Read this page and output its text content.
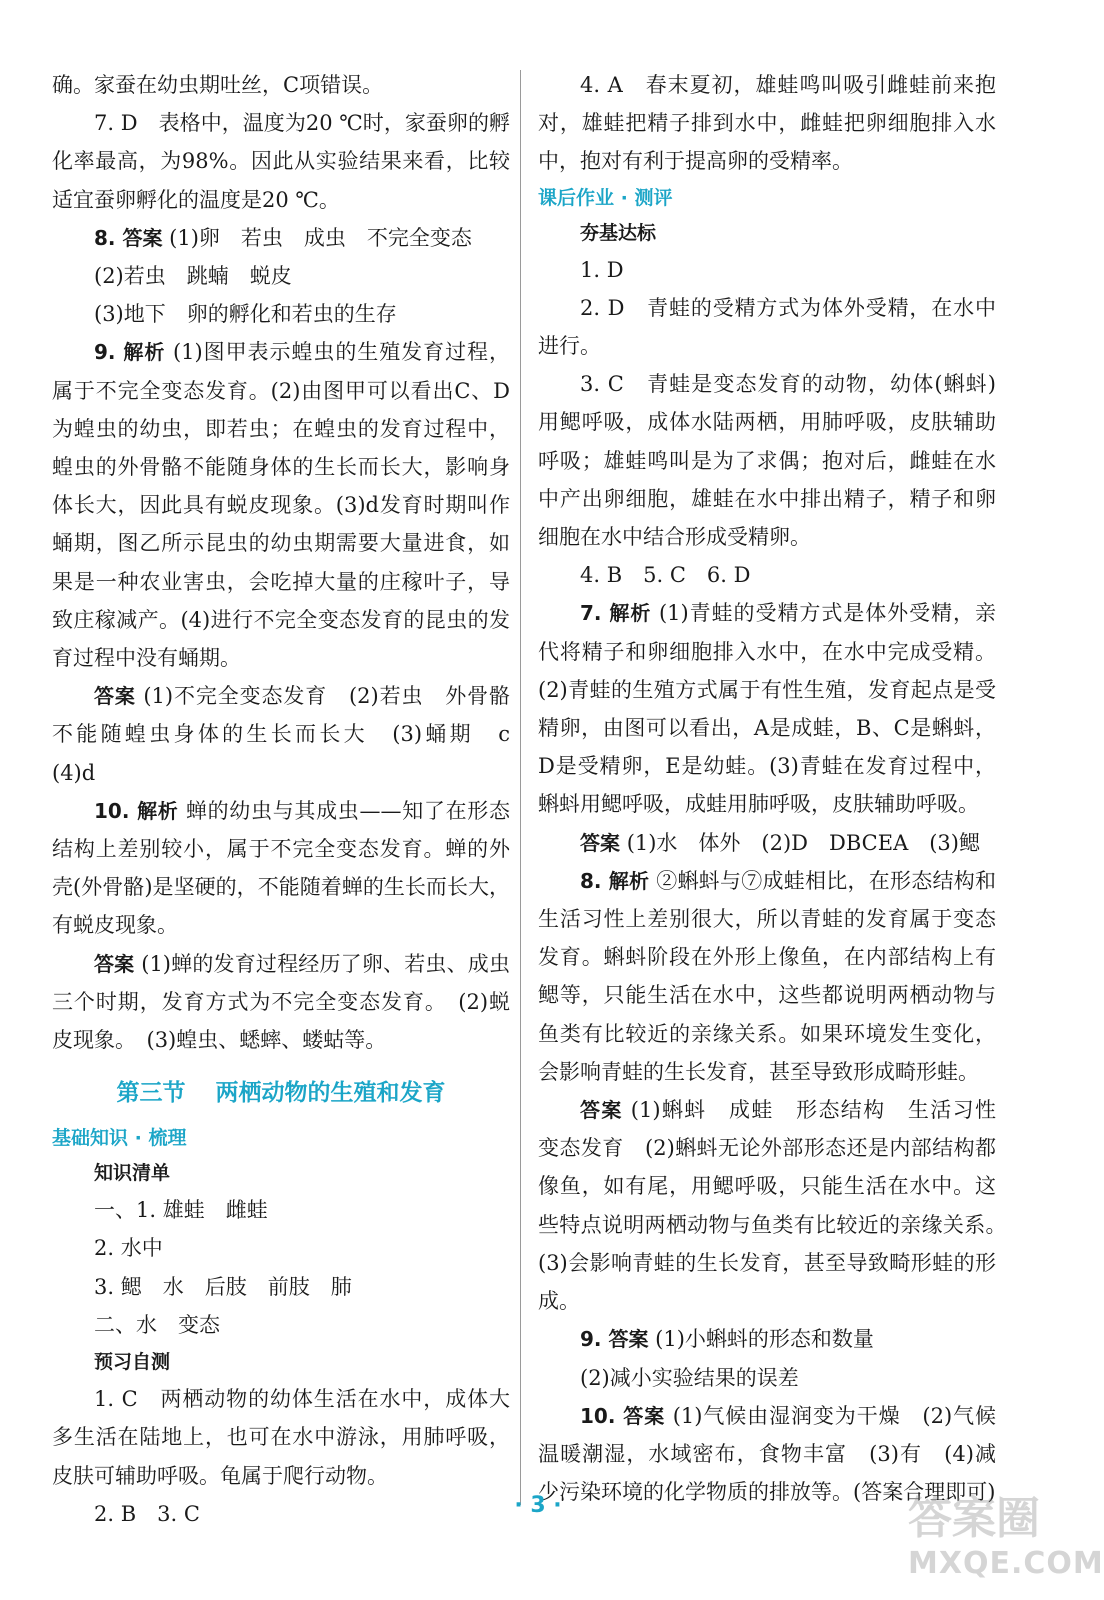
确。家蚕在幼虫期吐丝，C项错误。

7. D　表格中，温度为20 ℃时，家蚕卵的孵化率最高，为98%。因此从实验结果来看，比较适宜蚕卵孵化的温度是20 ℃。

8. 答案 (1)卵　若虫　成虫　不完全变态

(2)若虫　跳蝻　蜕皮

(3)地下　卵的孵化和若虫的生存

9. 解析 (1)图甲表示蝗虫的生殖发育过程，属于不完全变态发育。(2)由图甲可以看出C、D为蝗虫的幼虫，即若虫；在蝗虫的发育过程中，蝗虫的外骨骼不能随身体的生长而长大，影响身体长大，因此具有蜕皮现象。(3)d发育时期叫作蛹期，图乙所示昆虫的幼虫期需要大量进食，如果是一种农业害虫，会吃掉大量的庄稼叶子，导致庄稼减产。(4)进行不完全变态发育的昆虫的发育过程中没有蛹期。

答案 (1)不完全变态发育　(2)若虫　外骨骼不能随蝗虫身体的生长而长大　(3)蛹期　c　(4)d

10. 解析 蝉的幼虫与其成虫——知了在形态结构上差别较小，属于不完全变态发育。蝉的外壳(外骨骼)是坚硬的，不能随着蝉的生长而长大，有蜕皮现象。

答案 (1)蝉的发育过程经历了卵、若虫、成虫三个时期，发育方式为不完全变态发育。　(2)蜕皮现象。　(3)蝗虫、蟋蟀、蝼蛄等。

第三节 两栖动物的生殖和发育

基础知识 · 梳理

知识清单

一、1. 雄蛙　雌蛙

2. 水中

3. 鳃　水　后肢　前肢　肺

二、水　变态

预习自测

1. C　两栖动物的幼体生活在水中，成体大多生活在陆地上，也可在水中游泳，用肺呼吸，皮肤可辅助呼吸。龟属于爬行动物。

2. B　3. C

4. A　春末夏初，雄蛙鸣叫吸引雌蛙前来抱对，雄蛙把精子排到水中，雌蛙把卵细胞排入水中，抱对有利于提高卵的受精率。

课后作业 · 测评

夯基达标

1. D

2. D　青蛙的受精方式为体外受精，在水中进行。

3. C　青蛙是变态发育的动物，幼体(蝌蚪)用鳃呼吸，成体水陆两栖，用肺呼吸，皮肤辅助呼吸；雄蛙鸣叫是为了求偶；抱对后，雌蛙在水中产出卵细胞，雄蛙在水中排出精子，精子和卵细胞在水中结合形成受精卵。

4. B　5. C　6. D

7. 解析 (1)青蛙的受精方式是体外受精，亲代将精子和卵细胞排入水中，在水中完成受精。(2)青蛙的生殖方式属于有性生殖，发育起点是受精卵，由图可以看出，A是成蛙，B、C是蝌蚪，D是受精卵，E是幼蛙。(3)青蛙在发育过程中，蝌蚪用鳃呼吸，成蛙用肺呼吸，皮肤辅助呼吸。

答案 (1)水　体外　(2)D　DBCEA　(3)鳃

8. 解析 ②蝌蚪与⑦成蛙相比，在形态结构和生活习性上差别很大，所以青蛙的发育属于变态发育。蝌蚪阶段在外形上像鱼，在内部结构上有鳃等，只能生活在水中，这些都说明两栖动物与鱼类有比较近的亲缘关系。如果环境发生变化，会影响青蛙的生长发育，甚至导致形成畸形蛙。

答案 (1)蝌蚪　成蛙　形态结构　生活习性　变态发育　(2)蝌蚪无论外部形态还是内部结构都像鱼，如有尾，用鳃呼吸，只能生活在水中。这些特点说明两栖动物与鱼类有比较近的亲缘关系。　(3)会影响青蛙的生长发育，甚至导致畸形蛙的形成。

9. 答案 (1)小蝌蚪的形态和数量

(2)减小实验结果的误差

10. 答案 (1)气候由湿润变为干燥　(2)气候温暖潮湿，水域密布，食物丰富　(3)有　(4)减少污染环境的化学物质的排放等。(答案合理即可)

· 3 ·	答案圈
MXQE.COM
